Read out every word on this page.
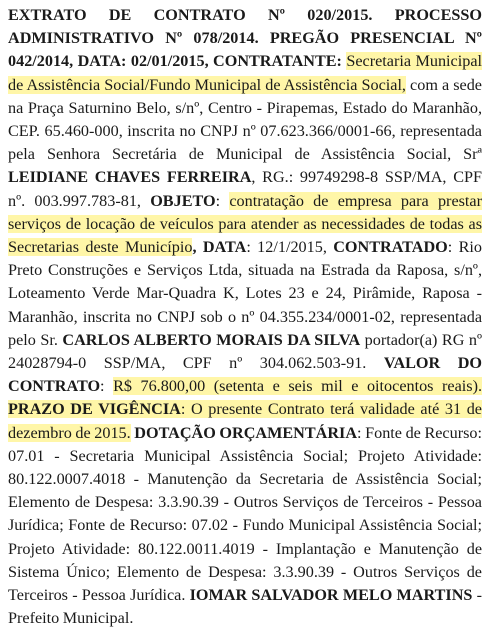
EXTRATO DE CONTRATO Nº 020/2015. PROCESSO ADMINISTRATIVO Nº 078/2014. PREGÃO PRESENCIAL Nº 042/2014, DATA: 02/01/2015, CONTRATANTE: Secretaria Municipal de Assistência Social/Fundo Municipal de Assistência Social, com a sede na Praça Saturnino Belo, s/nº, Centro - Pirapemas, Estado do Maranhão, CEP. 65.460-000, inscrita no CNPJ nº 07.623.366/0001-66, representada pela Senhora Secretária de Municipal de Assistência Social, Srª LEIDIANE CHAVES FERREIRA, RG.: 99749298-8 SSP/MA, CPF nº. 003.997.783-81, OBJETO: contratação de empresa para prestar serviços de locação de veículos para atender as necessidades de todas as Secretarias deste Município, DATA: 12/1/2015, CONTRATADO: Rio Preto Construções e Serviços Ltda, situada na Estrada da Raposa, s/nº, Loteamento Verde Mar-Quadra K, Lotes 23 e 24, Pirâmide, Raposa - Maranhão, inscrita no CNPJ sob o nº 04.355.234/0001-02, representada pelo Sr. CARLOS ALBERTO MORAIS DA SILVA portador(a) RG nº 24028794-0 SSP/MA, CPF nº 304.062.503-91. VALOR DO CONTRATO: R$ 76.800,00 (setenta e seis mil e oitocentos reais). PRAZO DE VIGÊNCIA: O presente Contrato terá validade até 31 de dezembro de 2015. DOTAÇÃO ORÇAMENTÁRIA: Fonte de Recurso: 07.01 - Secretaria Municipal Assistência Social; Projeto Atividade: 80.122.0007.4018 - Manutenção da Secretaria de Assistência Social; Elemento de Despesa: 3.3.90.39 - Outros Serviços de Terceiros - Pessoa Jurídica; Fonte de Recurso: 07.02 - Fundo Municipal Assistência Social; Projeto Atividade: 80.122.0011.4019 - Implantação e Manutenção de Sistema Único; Elemento de Despesa: 3.3.90.39 - Outros Serviços de Terceiros - Pessoa Jurídica. IOMAR SALVADOR MELO MARTINS - Prefeito Municipal.
